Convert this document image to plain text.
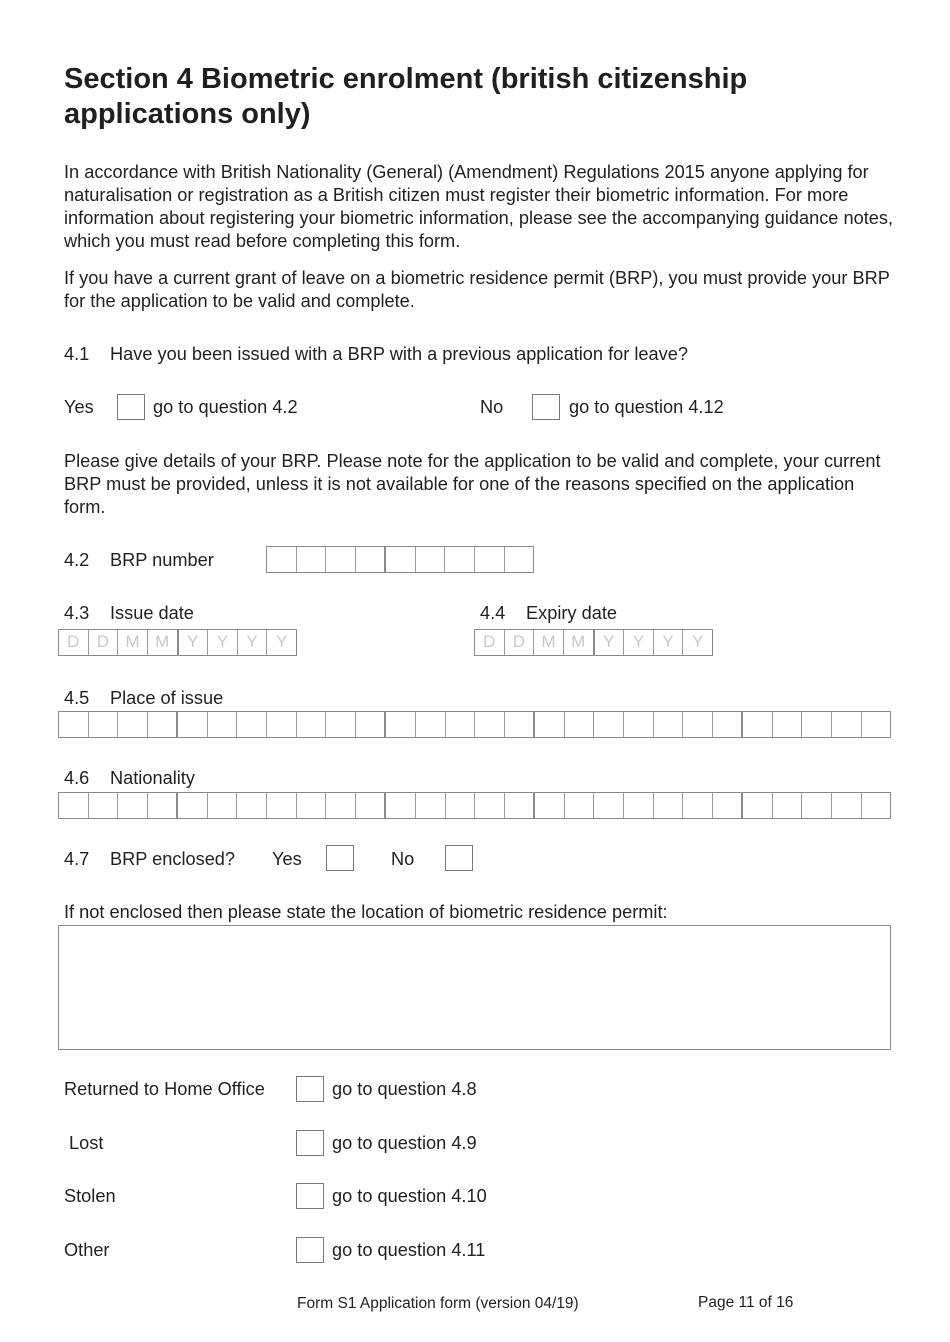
Section 4 Biometric enrolment (british citizenship applications only)
In accordance with British Nationality (General) (Amendment) Regulations 2015 anyone applying for naturalisation or registration as a British citizen must register their biometric information. For more information about registering your biometric information, please see the accompanying guidance notes, which you must read before completing this form.
If you have a current grant of leave on a biometric residence permit (BRP), you must provide your BRP for the application to be valid and complete.
4.1 Have you been issued with a BRP with a previous application for leave?
Yes	go to question 4.2	No	go to question 4.12
Please give details of your BRP. Please note for the application to be valid and complete, your current BRP must be provided, unless it is not available for one of the reasons specified on the application form.
4.2 BRP number
4.3 Issue date
D	D M M	Y	Y	Y	Y
4.4 Expiry date
D	D M M	Y	Y	Y	Y
4.5 Place of issue
4.6 Nationality
4.7 BRP enclosed? Yes	No
If not enclosed then please state the location of biometric residence permit:
Returned to Home Office	go to question 4.8
Lost	go to question 4.9
Stolen	go to question 4.10
Other	go to question 4.11
Form S1 Application form (version 04/19)	Page 11 of 16
